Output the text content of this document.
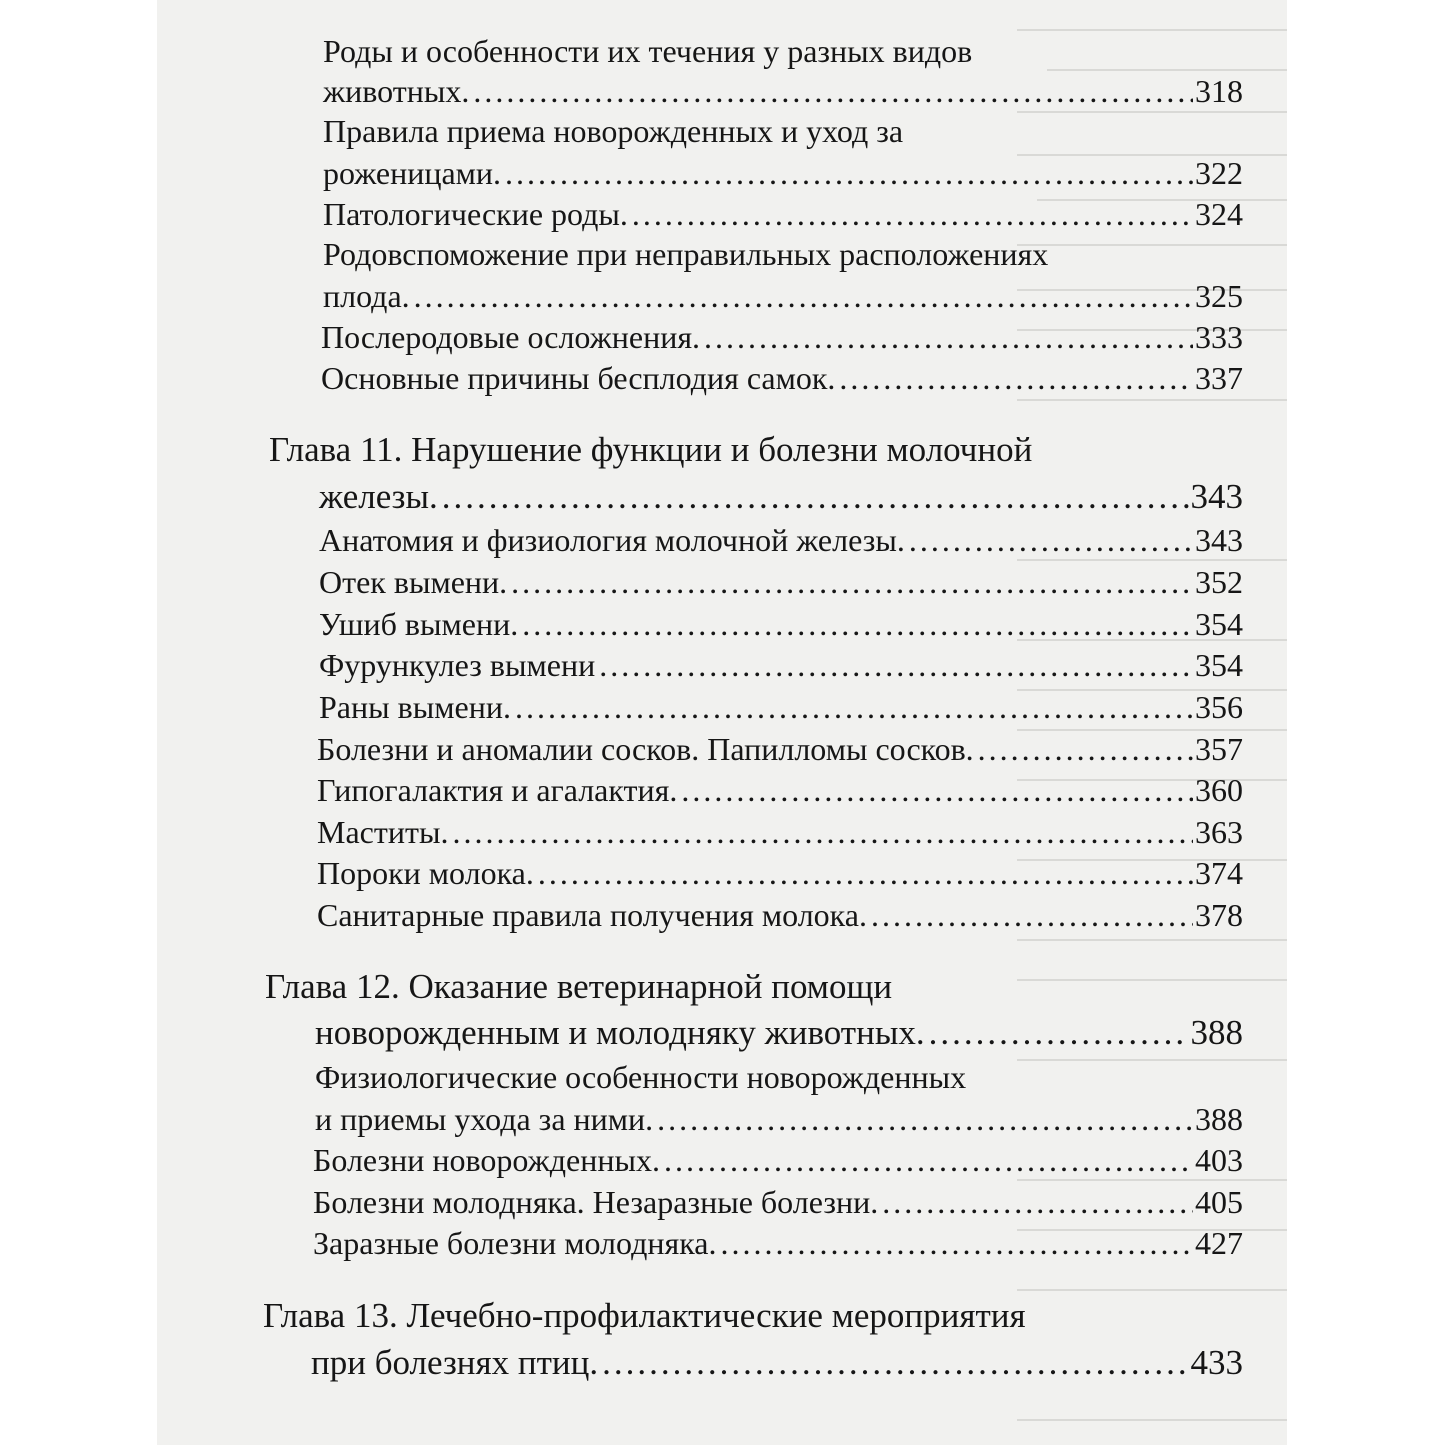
Роды и особенности их течения у разных видов
животных. .....	318
Правила приема новорожденных и уход за
роженицами. .....	322
Патологические роды. .....	324
Родовспоможение при неправильных расположениях
плода. .....	325
Послеродовые осложнения. .....	333
Основные причины бесплодия самок. .....	337
Глава 11. Нарушение функции и болезни молочной
железы. .....	343
Анатомия и физиология молочной железы. .....	343
Отек вымени. .....	352
Ушиб вымени. .....	354
Фурункулез вымени .....	354
Раны вымени. .....	356
Болезни и аномалии сосков. Папилломы сосков. .....	357
Гипогалактия и агалактия. .....	360
Маститы. .....	363
Пороки молока. .....	374
Санитарные правила получения молока. .....	378
Глава 12. Оказание ветеринарной помощи
новорожденным и молодняку животных. .....	388
Физиологические особенности новорожденных
и приемы ухода за ними. .....	388
Болезни новорожденных. .....	403
Болезни молодняка. Незаразные болезни. .....	405
Заразные болезни молодняка. .....	427
Глава 13. Лечебно-профилактические мероприятия
при болезнях птиц. .....	433
